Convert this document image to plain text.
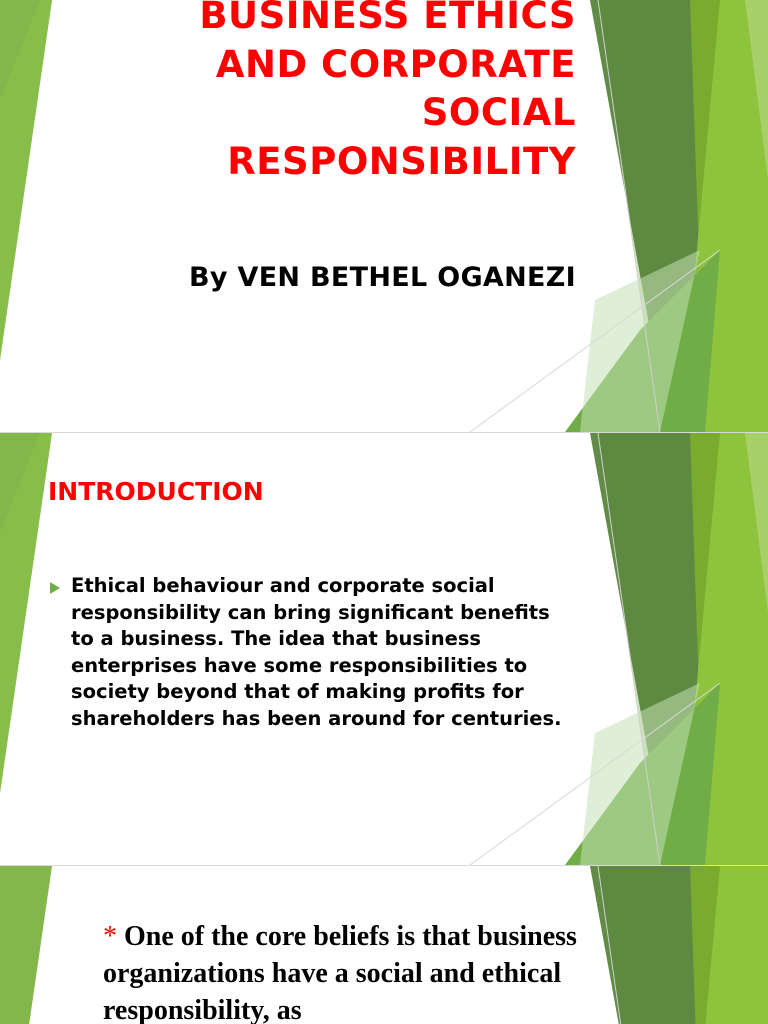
BUSINESS ETHICS
AND CORPORATE
SOCIAL
RESPONSIBILITY
By VEN BETHEL OGANEZI
INTRODUCTION

Ethical behaviour and corporate social responsibility can bring significant benefits to a business. The idea that business enterprises have some responsibilities to society beyond that of making profits for shareholders has been around for centuries.

* One of the core beliefs is that business organizations have a social and ethical responsibility, as
